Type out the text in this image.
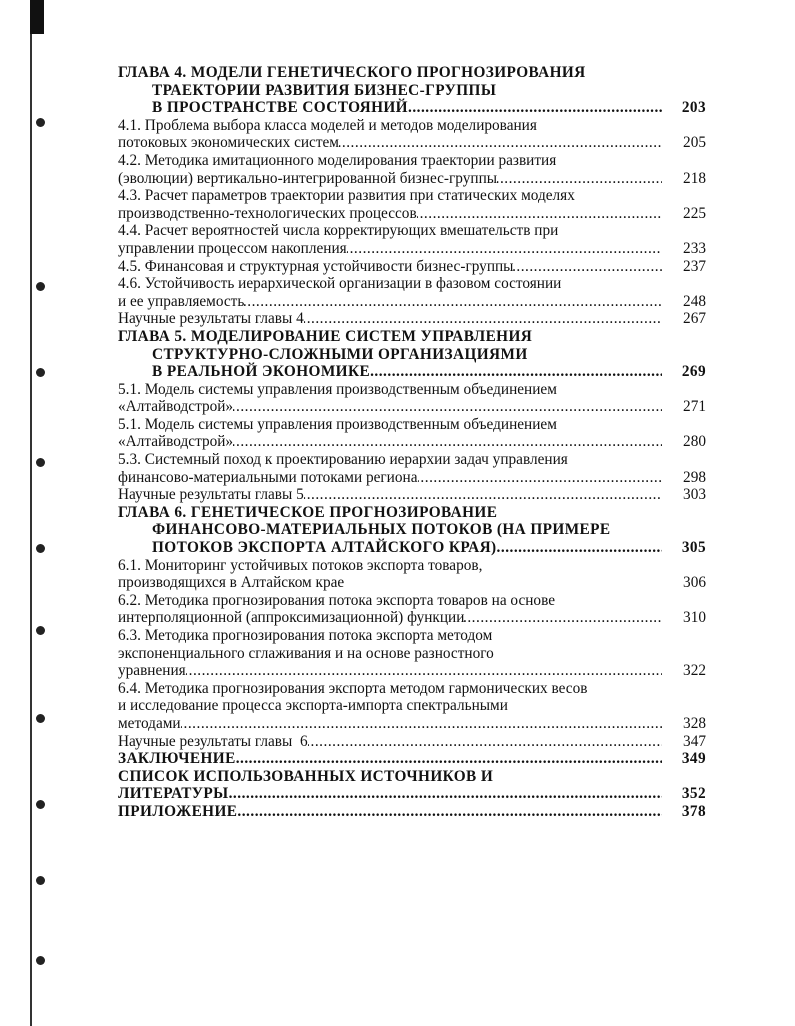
ГЛАВА 4. МОДЕЛИ ГЕНЕТИЧЕСКОГО ПРОГНОЗИРОВАНИЯ
ТРАЕКТОРИИ РАЗВИТИЯ БИЗНЕС-ГРУППЫ
В ПРОСТРАНСТВЕ СОСТОЯНИЙ .....	203
4.1. Проблема выбора класса моделей и методов моделирования
потоковых экономических систем .....	205
4.2. Методика имитационного моделирования траектории развития
(эволюции) вертикально-интегрированной бизнес-группы .....	218
4.3. Расчет параметров траектории развития при статических моделях
производственно-технологических процессов .....	225
4.4. Расчет вероятностей числа корректирующих вмешательств при
управлении процессом накопления .....	233
4.5. Финансовая и структурная устойчивости бизнес-группы .....	237
4.6. Устойчивость иерархической организации в фазовом состоянии
и ее управляемость .....	248
Научные результаты главы 4 .....	267
ГЛАВА 5. МОДЕЛИРОВАНИЕ СИСТЕМ УПРАВЛЕНИЯ
СТРУКТУРНО-СЛОЖНЫМИ ОРГАНИЗАЦИЯМИ
В РЕАЛЬНОЙ ЭКОНОМИКЕ .....	269
5.1. Модель системы управления производственным объединением
«Алтайводстрой» .....	271
5.1. Модель системы управления производственным объединением
«Алтайводстрой» .....	280
5.3. Системный поход к проектированию иерархии задач управления
финансово-материальными потоками региона .....	298
Научные результаты главы 5 .....	303
ГЛАВА 6. ГЕНЕТИЧЕСКОЕ ПРОГНОЗИРОВАНИЕ
ФИНАНСОВО-МАТЕРИАЛЬНЫХ ПОТОКОВ (НА ПРИМЕРЕ
ПОТОКОВ ЭКСПОРТА АЛТАЙСКОГО КРАЯ) .....	305
6.1. Мониторинг устойчивых потоков экспорта товаров,
производящихся в Алтайском крае	306
6.2. Методика прогнозирования потока экспорта товаров на основе
интерполяционной (аппроксимизационной) функции .....	310
6.3. Методика прогнозирования потока экспорта методом
экспоненциального сглаживания и на основе разностного
уравнения .....	322
6.4. Методика прогнозирования экспорта методом гармонических весов
и исследование процесса экспорта-импорта спектральными
методами .....	328
Научные результаты главы  6 .....	347
ЗАКЛЮЧЕНИЕ .....	349
СПИСОК ИСПОЛЬЗОВАННЫХ ИСТОЧНИКОВ И
ЛИТЕРАТУРЫ .....	352
ПРИЛОЖЕНИЕ .....	378
